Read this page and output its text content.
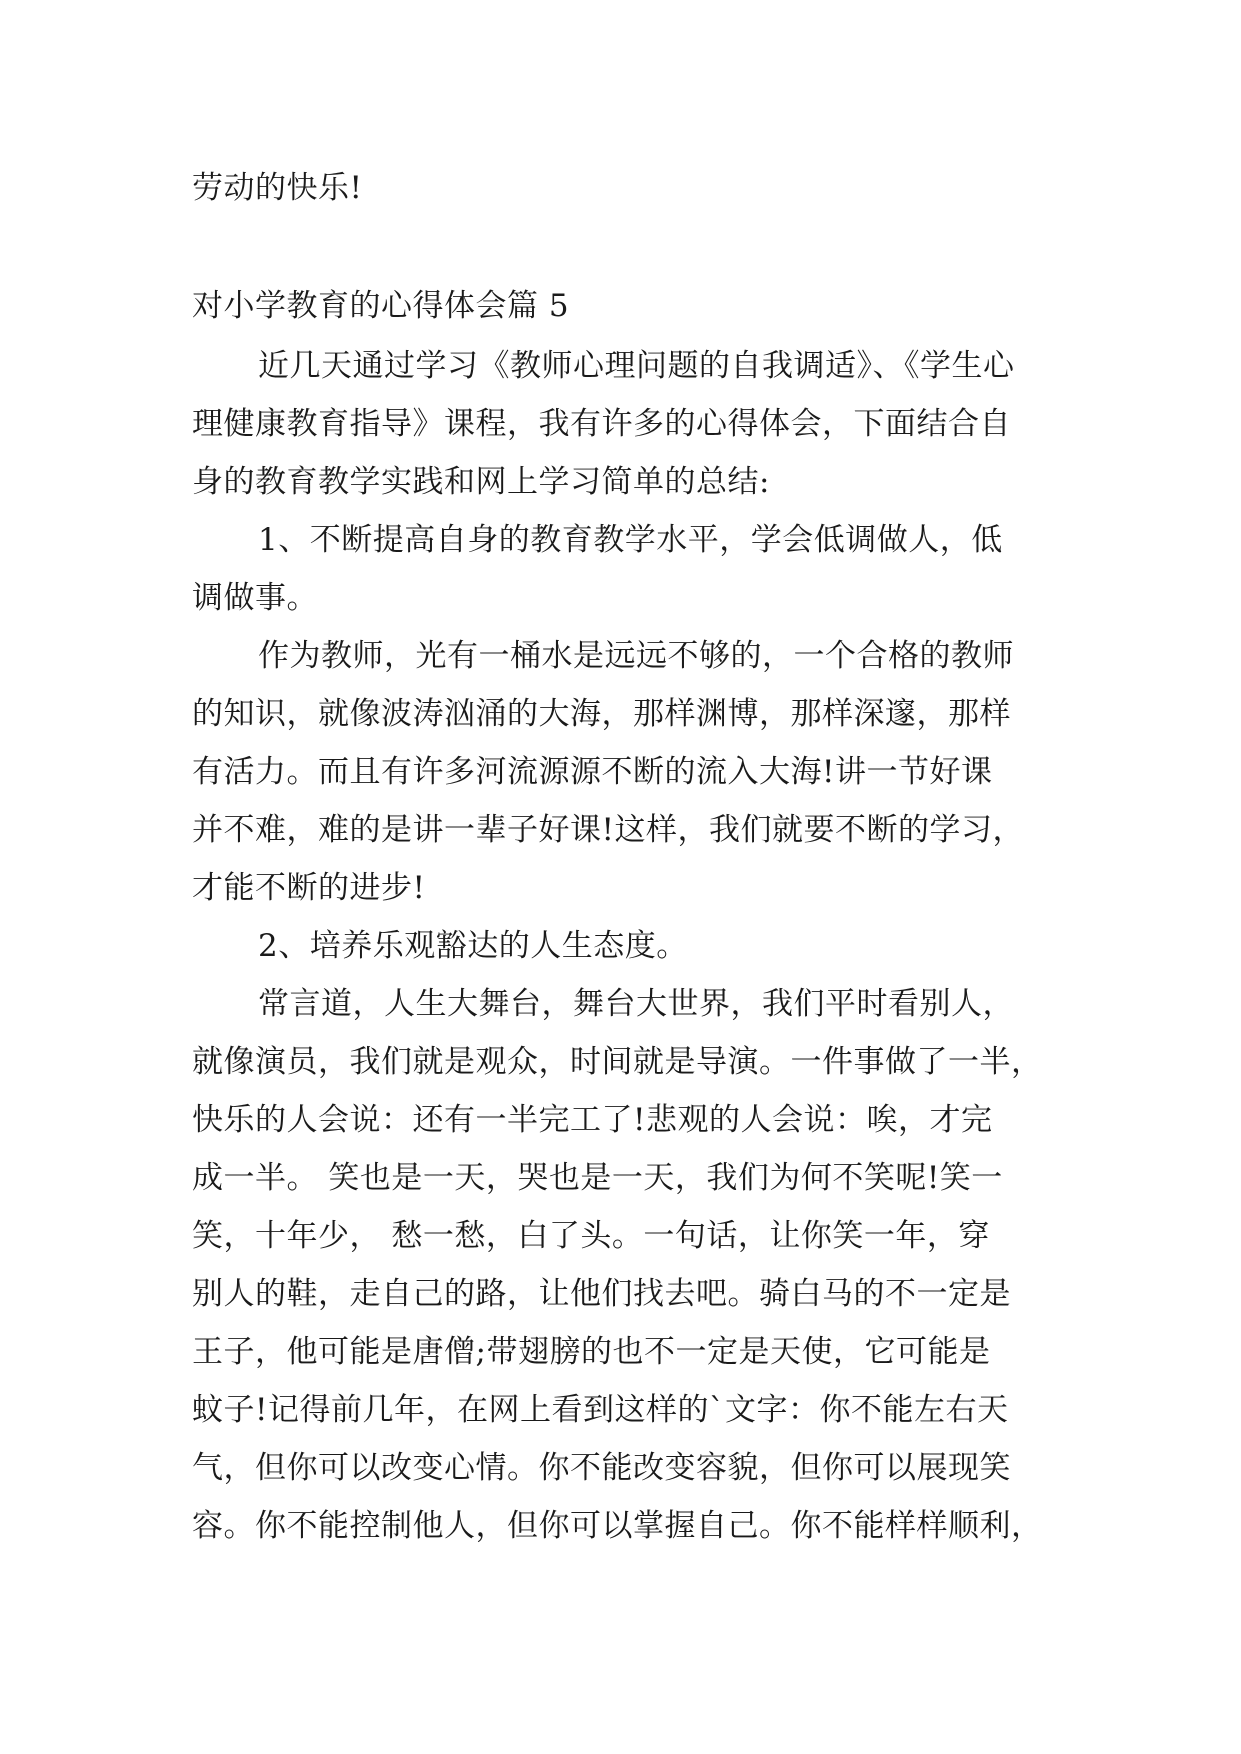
劳动的快乐!
对小学教育的心得体会篇 5
近几天通过学习《教师心理问题的自我调适》、《学生心
理健康教育指导》课程，我有许多的心得体会，下面结合自
身的教育教学实践和网上学习简单的总结:
1、不断提高自身的教育教学水平，学会低调做人，低
调做事。
作为教师，光有一桶水是远远不够的，一个合格的教师
的知识，就像波涛汹涌的大海，那样渊博，那样深邃，那样
有活力。而且有许多河流源源不断的流入大海!讲一节好课
并不难，难的是讲一辈子好课!这样，我们就要不断的学习，
才能不断的进步!
2、培养乐观豁达的人生态度。
常言道，人生大舞台，舞台大世界，我们平时看别人，
就像演员，我们就是观众，时间就是导演。一件事做了一半，
快乐的人会说：还有一半完工了!悲观的人会说：唉，才完
成一半。 笑也是一天，哭也是一天，我们为何不笑呢!笑一
笑，十年少， 愁一愁，白了头。一句话，让你笑一年，穿
别人的鞋，走自己的路，让他们找去吧。骑白马的不一定是
王子，他可能是唐僧;带翅膀的也不一定是天使，它可能是
蚊子!记得前几年，在网上看到这样的`文字：你不能左右天
气，但你可以改变心情。你不能改变容貌，但你可以展现笑
容。你不能控制他人，但你可以掌握自己。你不能样样顺利，
